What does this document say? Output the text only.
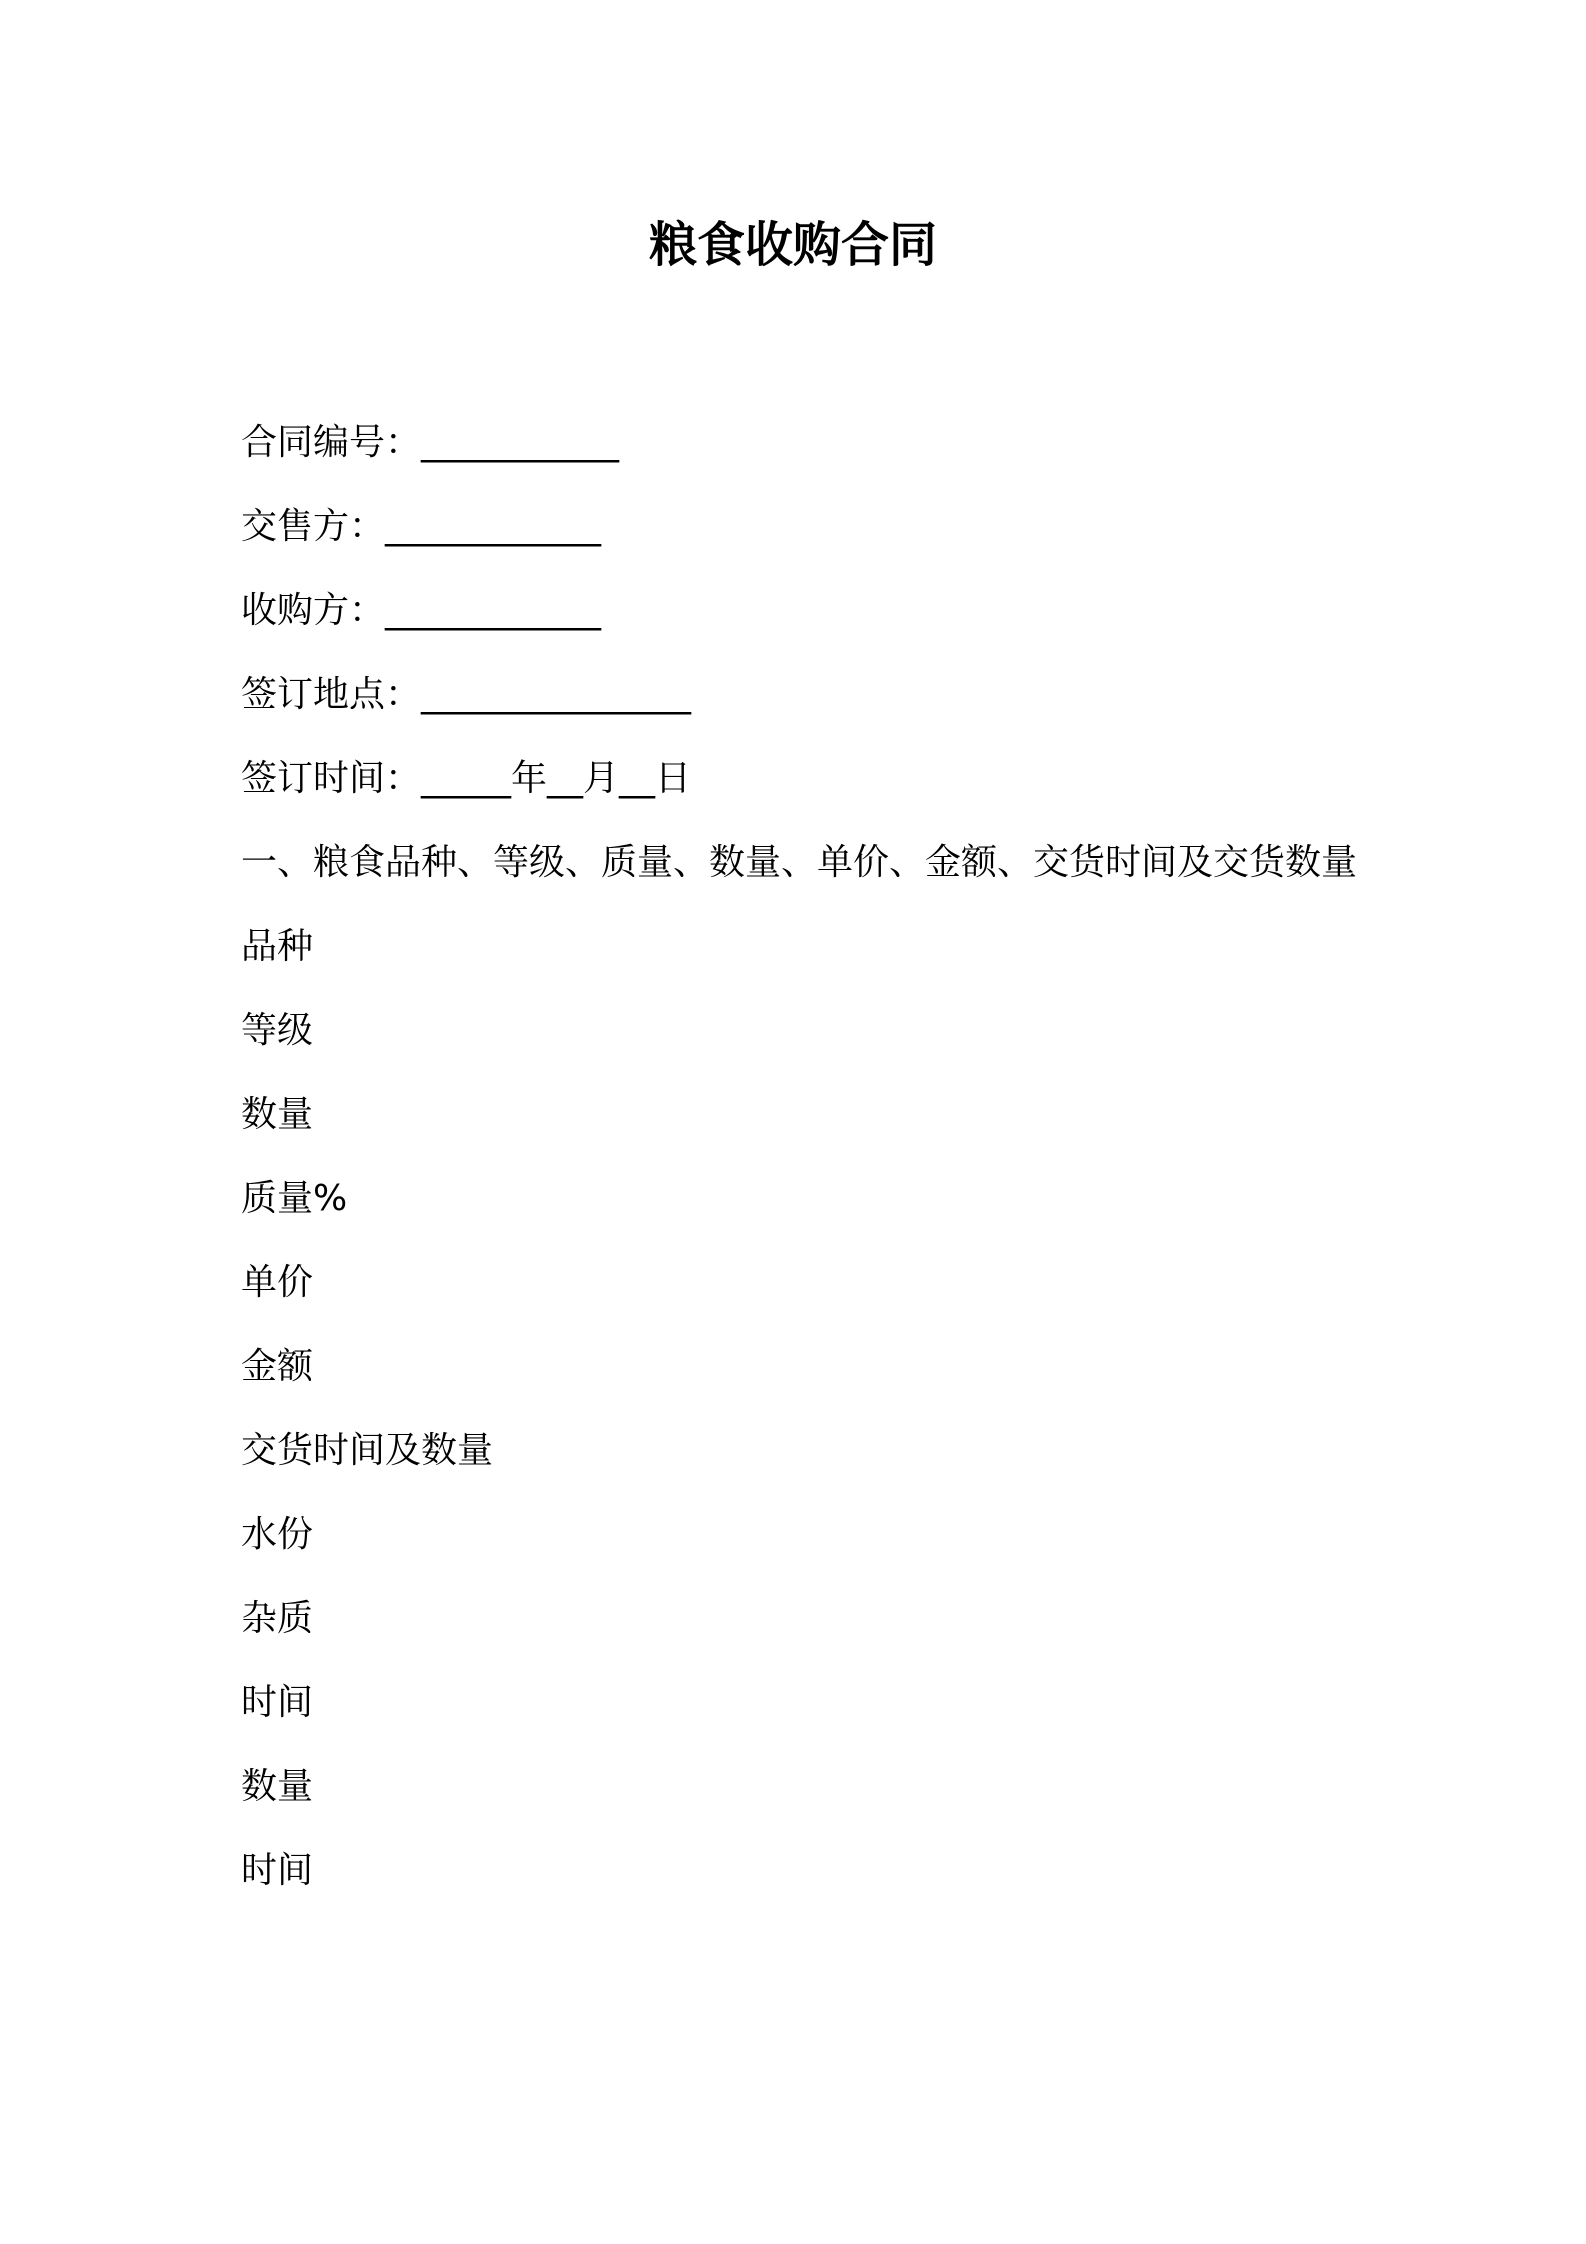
粮食收购合同
合同编号：___________
交售方：____________
收购方：____________
签订地点：_______________
签订时间：_____年__月__日
一、粮食品种、等级、质量、数量、单价、金额、交货时间及交货数量
品种
等级
数量
质量%
单价
金额
交货时间及数量
水份
杂质
时间
数量
时间
